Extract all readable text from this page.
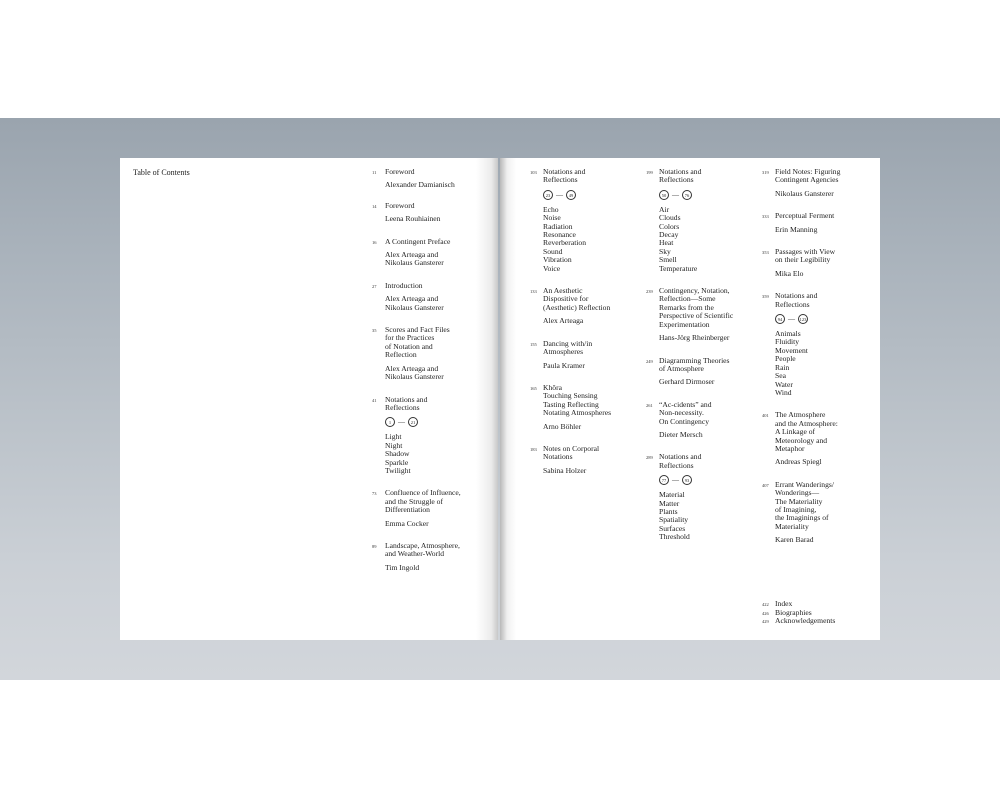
Table of Contents	11 Foreword
Alexander Damianisch
14 Foreword
Leena Rouhiainen
16 A Contingent Preface
Alex Arteaga and
Nikolaus Gansterer
27 Introduction
Alex Arteaga and
Nikolaus Gansterer
35 Scores and Fact Files
for the Practices
of Notation and
Reflection
Alex Arteaga and
Nikolaus Gansterer
41 Notations and
Reflections
1 —	21
Light
Night
Shadow
Sparkle
Twilight
73 Confluence of Influence,
and the Struggle of
Differentiation
Emma Cocker
89 Landscape, Atmosphere,
and Weather-World
Tim Ingold
103 Notations and
Reflections
23 —	49
Echo
Noise
Radiation
Resonance
Reverberation
Sound
Vibration
Voice
133 An Aesthetic
Dispositive for
(Aesthetic) Reflection
Alex Arteaga
155 Dancing with/in
Atmospheres
Paula Kramer
165 Khôra
Touching Sensing
Tasting Reflecting
Notating Atmospheres
Arno Böhler
183 Notes on Corporal
Notations
Sabina Holzer
199 Notations and
Reflections
50 —	76
Air
Clouds
Colors
Decay
Heat
Sky
Smell
Temperature
239 Contingency, Notation,
Reflection—Some
Remarks from the
Perspective of Scientific
Experimentation
Hans-Jörg Rheinberger
249 Diagramming Theories
of Atmosphere
Gerhard Dirmoser
261 “Ac-cidents” and
Non-necessity.
On Contingency
Dieter Mersch
289 Notations and
Reflections
77 —	93
Material
Matter
Plants
Spatiality
Surfaces
Threshold
319 Field Notes: Figuring
Contingent Agencies
Nikolaus Gansterer
333 Perceptual Ferment
Erin Manning
353 Passages with View
on their Legibility
Mika Elo
359 Notations and
Reflections
94 —	123
Animals
Fluidity
Movement
People
Rain
Sea
Water
Wind
401 The Atmosphere
and the Atmosphere:
A Linkage of
Meteorology and
Metaphor
Andreas Spiegl
407 Errant Wanderings/
Wonderings—
The Materiality
of Imagining,
the Imaginings of
Materiality
Karen Barad
422 Index
426 Biographies
429 Acknowledgements
